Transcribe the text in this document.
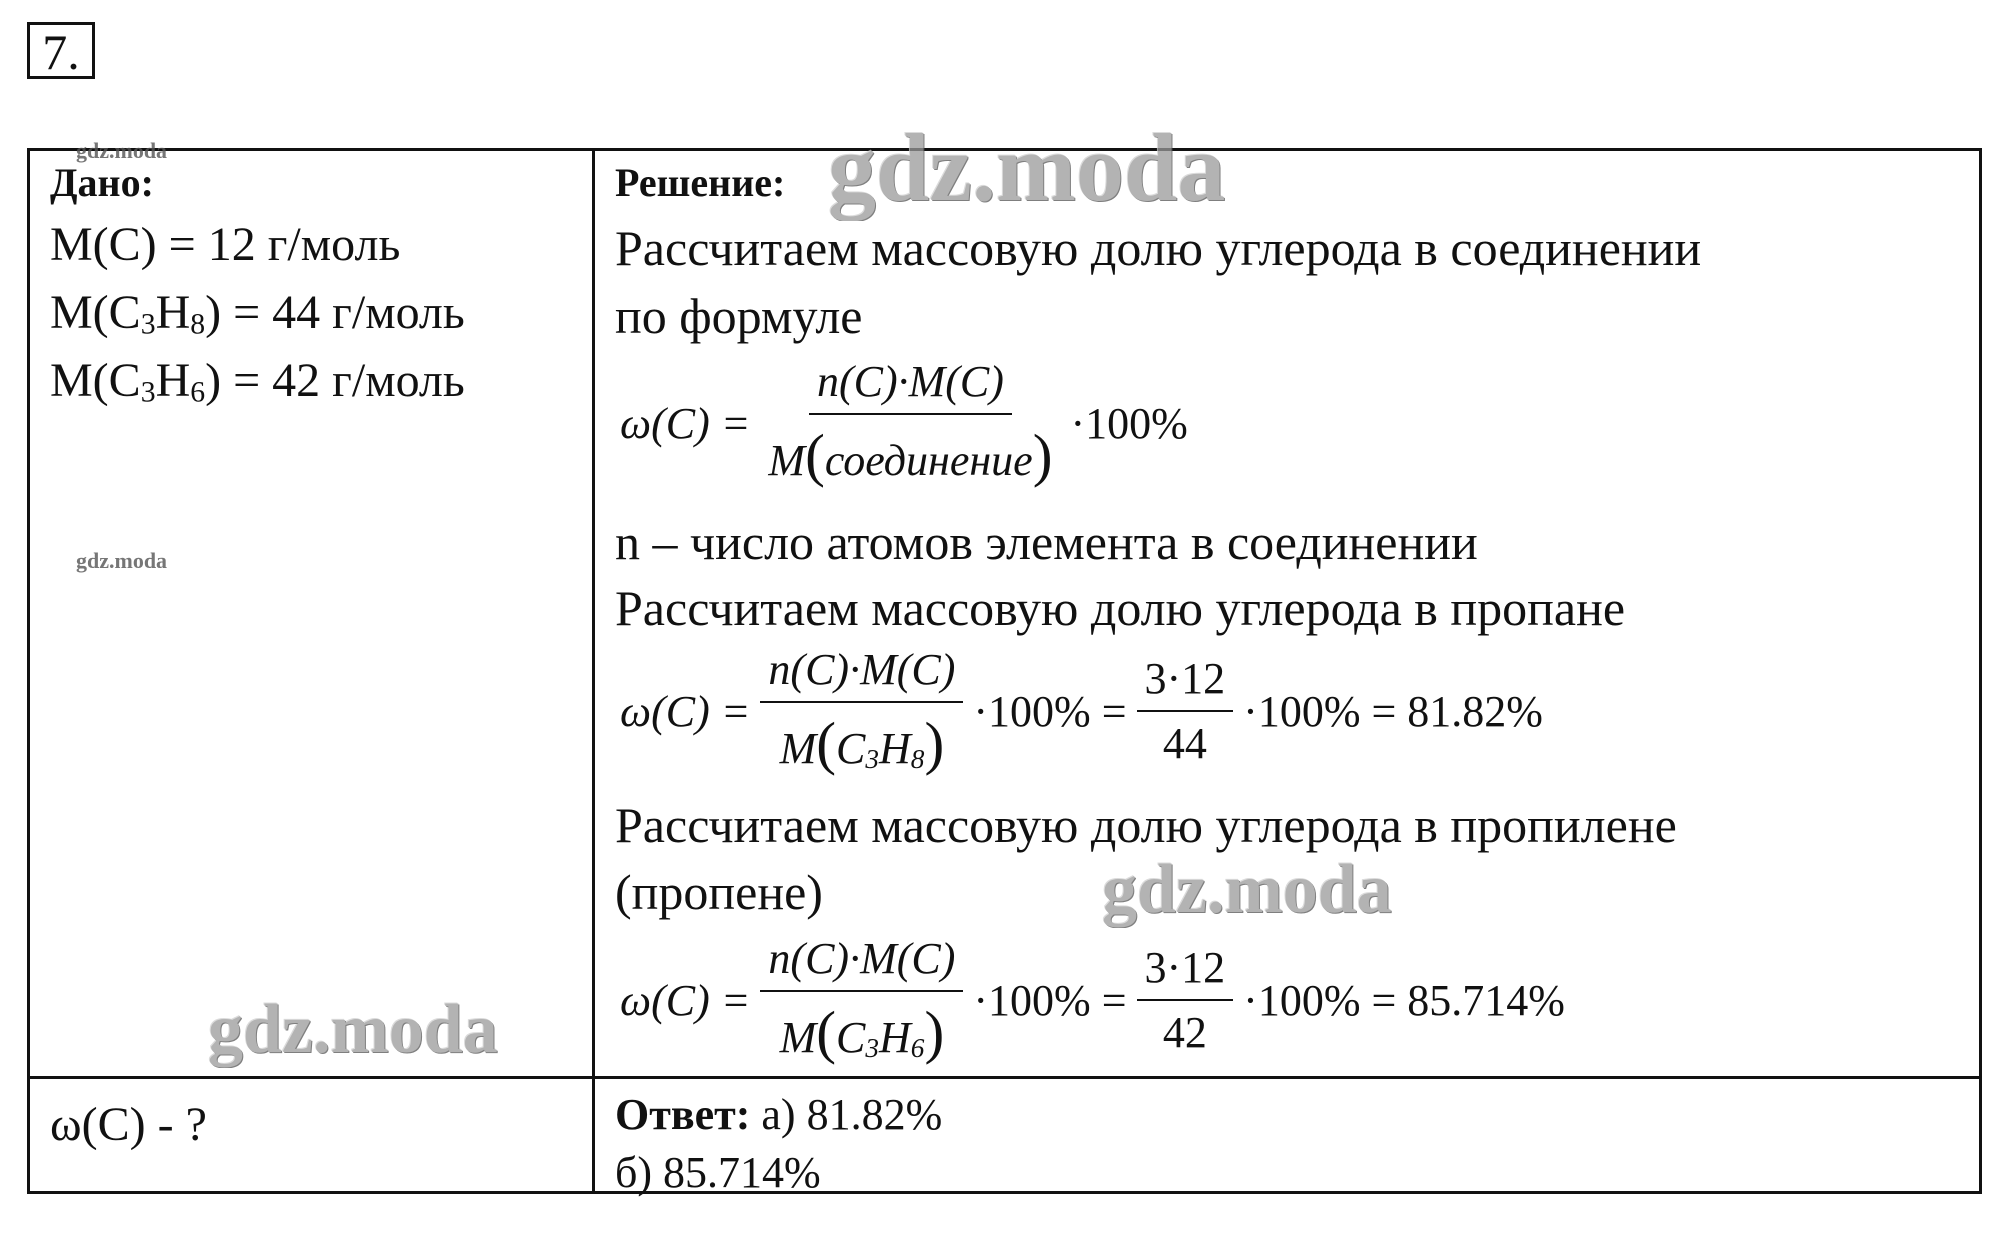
7.
Дано:
M(C) = 12 г/моль
$M(C_3H_8) = 44$ г/моль
$M(C_3H_6) = 42$ г/моль
ω(C) - ?
Решение:
Рассчитаем массовую долю углерода в соединении
по формуле
$\omega(C) = \frac{n(C)\cdot M(C)}{\text{M(соединение)}} \cdot 100\%$
n – число атомов элемента в соединении
Рассчитаем массовую долю углерода в пропане
$\omega(C) = \frac{n(C)\cdot M(C)}{M(C_3H_8)} \cdot 100\% = \frac{3\cdot 12}{44} \cdot 100\% = 81.82\%$
Рассчитаем массовую долю углерода в пропилене
(пропене)
$\omega(C) = \frac{n(C)\cdot M(C)}{M(C_3H_6)} \cdot 100\% = \frac{3\cdot 12}{42} \cdot 100\% = 85.714\%$
Ответ: а) 81.82%
б) 85.714%
gdz.moda
gdz.moda
gdz.moda
gdz.moda
gdz.moda
